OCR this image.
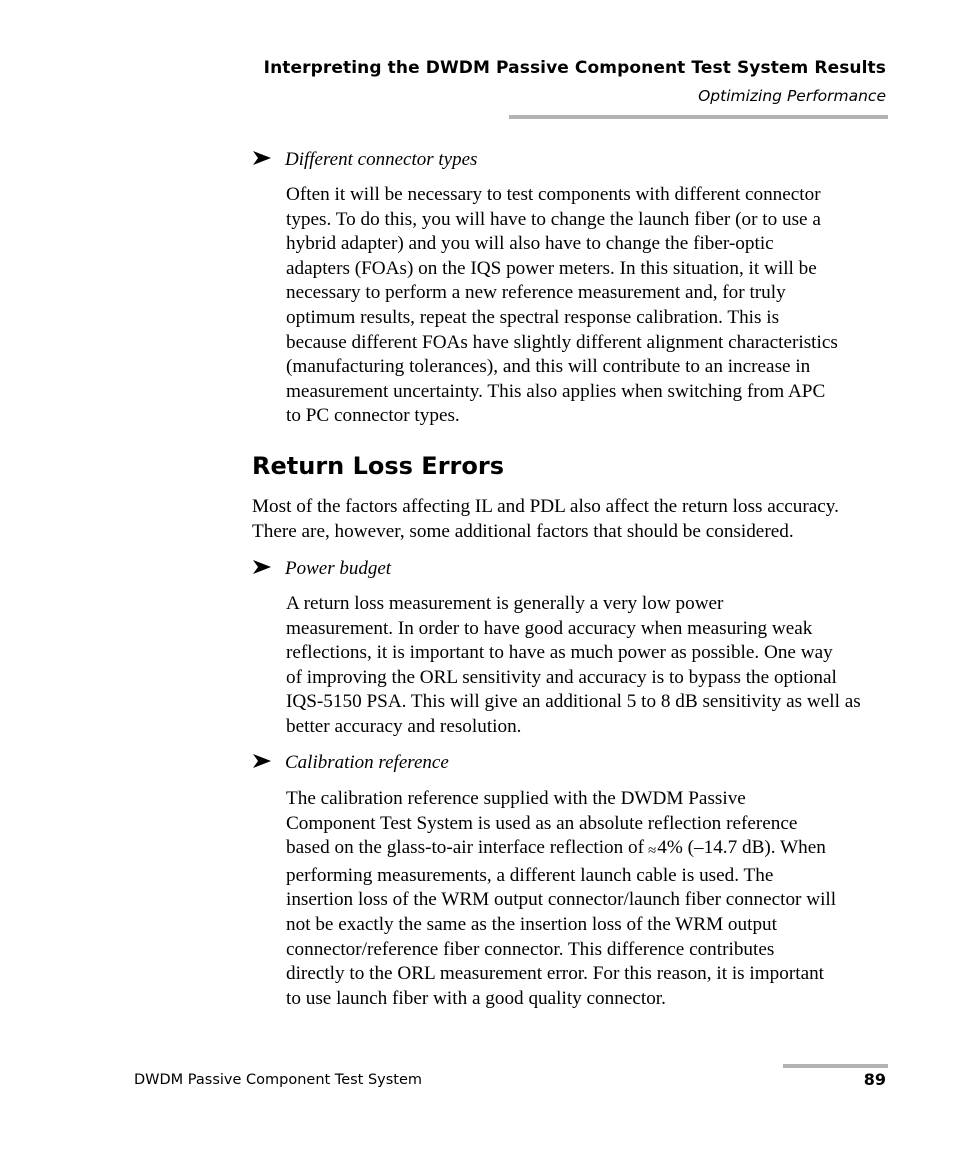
Interpreting the DWDM Passive Component Test System Results
Optimizing Performance
Different connector types
Often it will be necessary to test components with different connector
types. To do this, you will have to change the launch fiber (or to use a
hybrid adapter) and you will also have to change the fiber-optic
adapters (FOAs) on the IQS power meters. In this situation, it will be
necessary to perform a new reference measurement and, for truly
optimum results, repeat the spectral response calibration. This is
because different FOAs have slightly different alignment characteristics
(manufacturing tolerances), and this will contribute to an increase in
measurement uncertainty. This also applies when switching from APC
to PC connector types.
Return Loss Errors
Most of the factors affecting IL and PDL also affect the return loss accuracy.
There are, however, some additional factors that should be considered.
Power budget
A return loss measurement is generally a very low power
measurement. In order to have good accuracy when measuring weak
reflections, it is important to have as much power as possible. One way
of improving the ORL sensitivity and accuracy is to bypass the optional
IQS-5150 PSA. This will give an additional 5 to 8 dB sensitivity as well as
better accuracy and resolution.
Calibration reference
The calibration reference supplied with the DWDM Passive
Component Test System is used as an absolute reflection reference
based on the glass-to-air interface reflection of ≈4% (–14.7 dB). When
performing measurements, a different launch cable is used. The
insertion loss of the WRM output connector/launch fiber connector will
not be exactly the same as the insertion loss of the WRM output
connector/reference fiber connector. This difference contributes
directly to the ORL measurement error. For this reason, it is important
to use launch fiber with a good quality connector.
DWDM Passive Component Test System	89
